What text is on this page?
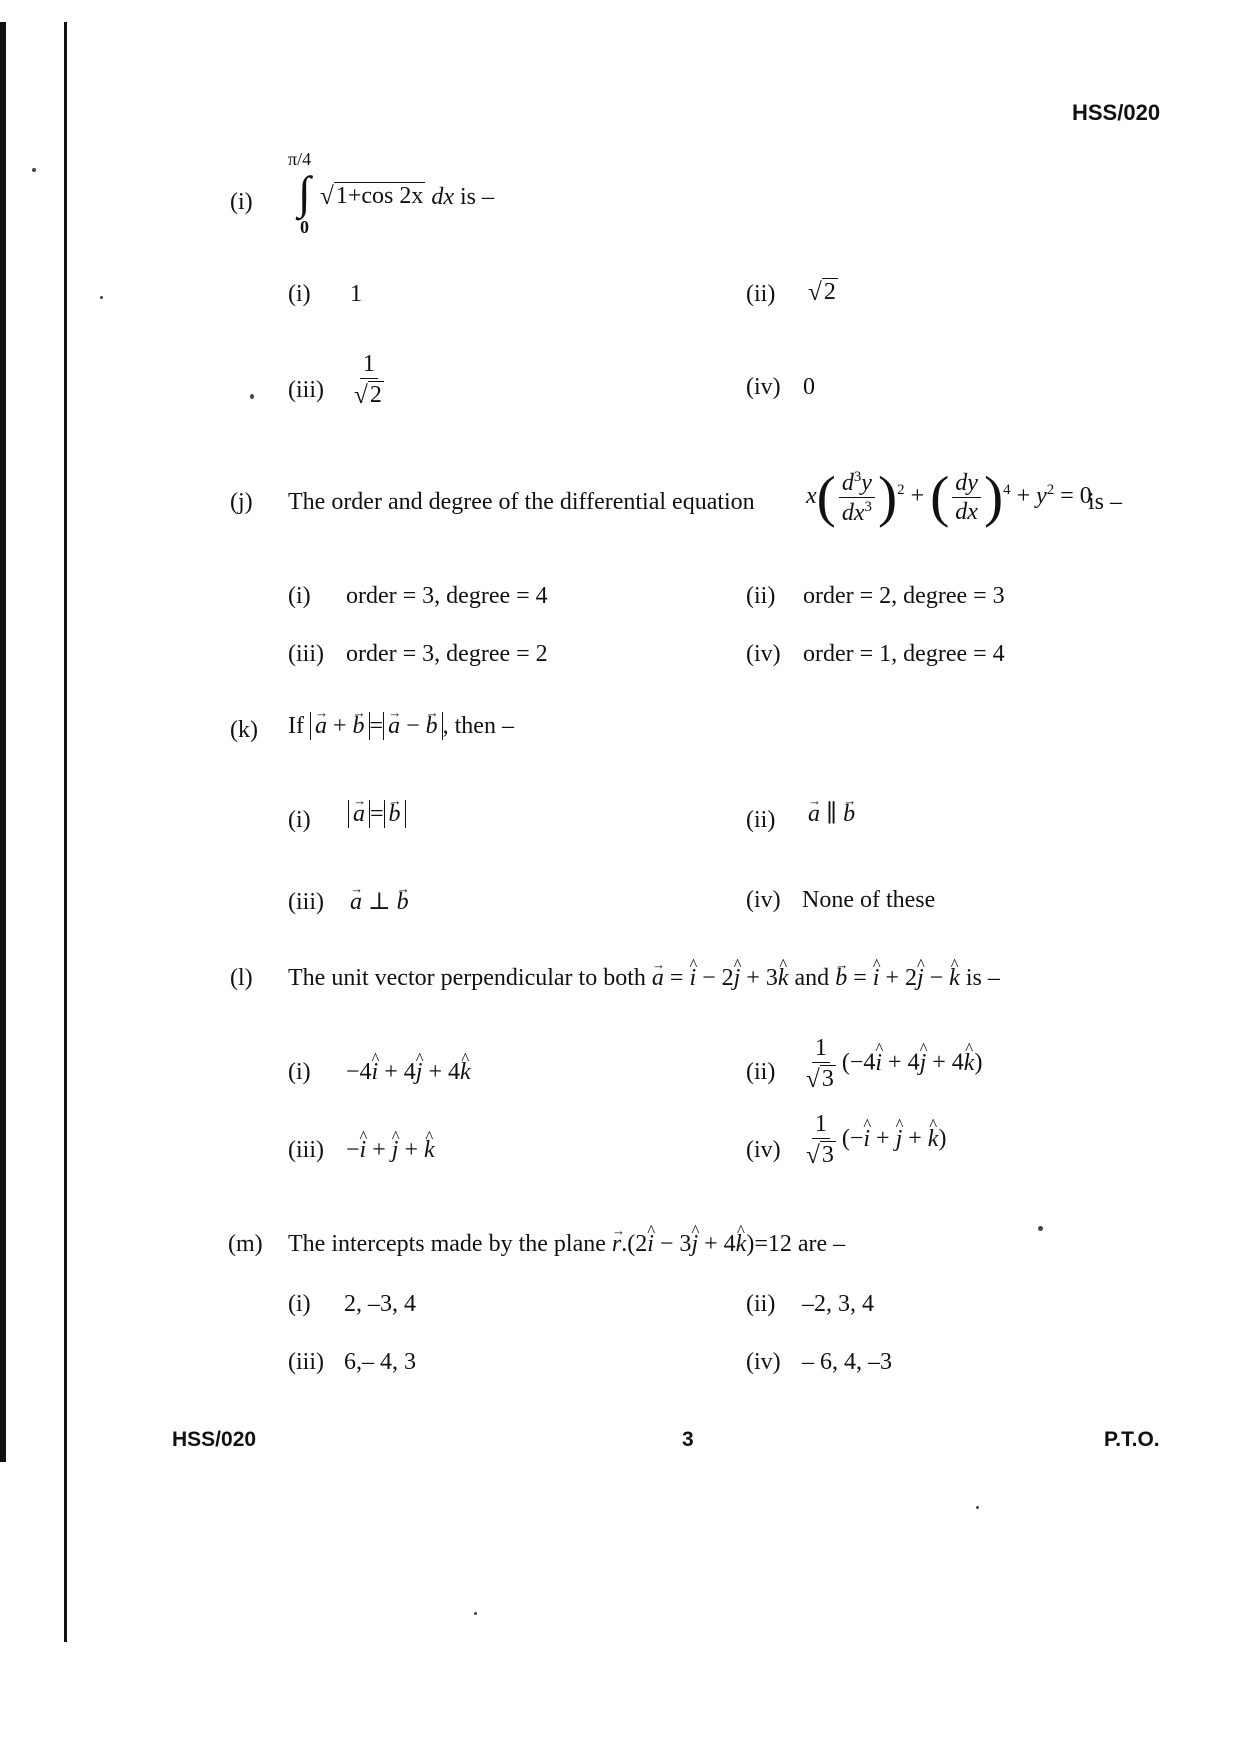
HSS/020
(i)
π/4
∫
0
√ 1+cos 2x dx is –
(i) 1	(ii) √ 2
$(iii) \frac{1}{√ 2}$	(iv) 0
(j) The order and degree of the differential equation $x( \frac{d^3y}{dx^3} )^2$ + ( $\frac{dy}{dx} )^4 + y^2 = 0$
is –
(i) order = 3, degree = 4	(ii) order = 2, degree = 3
(iii) order = 3, degree = 2	(iv) order = 1, degree = 4
(k) If → a + → b = → a − → b , then –
(i) → a = → b	(ii) → a ∥ → b
(iii) → a ⊥ → b	(iv) None of these
(l) The unit vector perpendicular to both → a = ^ i − 2^ j + 3^ k and → b = ^ i + 2^ j − ^ k is –
(i) −4^ i + 4^ j + 4^ k	$(ii) \frac{1}{√ 3}$ (−4^ i + 4^ j + 4^ k)
(iii) −^ i + ^ j + ^ k	$(iv) \frac{1}{√ 3}$ (−^ i + ^ j + ^ k)
(m) The intercepts made by the plane → r.(2^ i − 3^ j + 4^ k)=12 are –
(i) 2, –3, 4	(ii) –2, 3, 4
(iii) 6,– 4, 3	(iv) – 6, 4, –3
HSS/020	3	P.T.O.
